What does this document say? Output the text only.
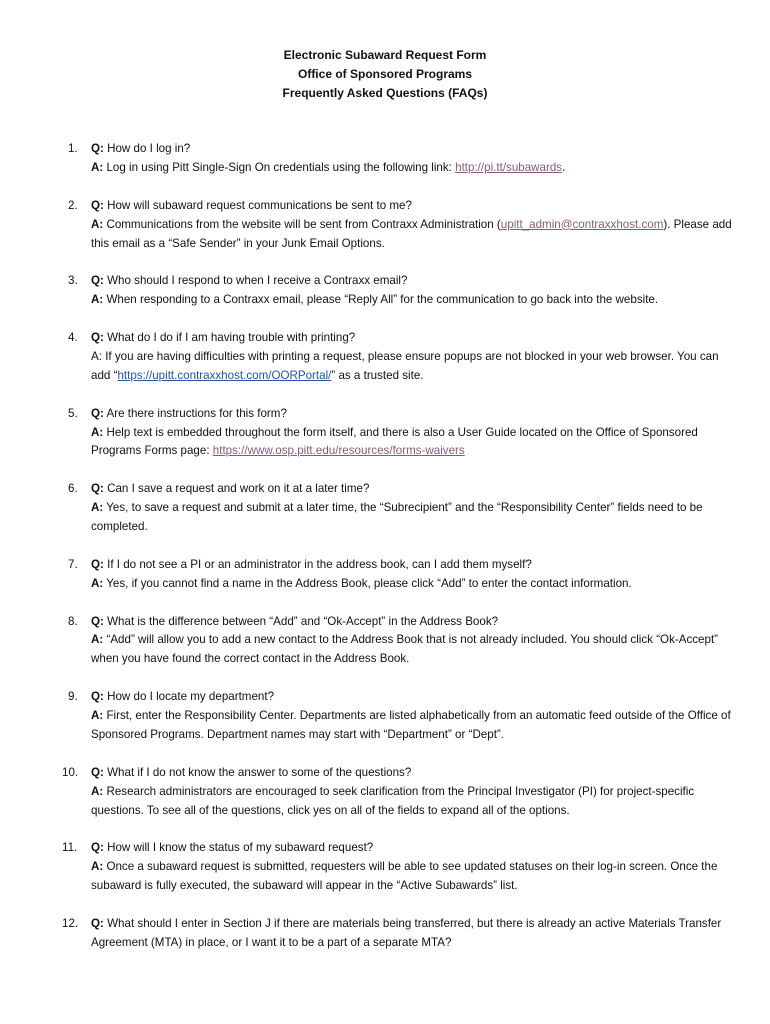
Electronic Subaward Request Form
Office of Sponsored Programs
Frequently Asked Questions (FAQs)
1. Q: How do I log in?
A: Log in using Pitt Single-Sign On credentials using the following link: http://pi.tt/subawards.
2. Q: How will subaward request communications be sent to me?
A: Communications from the website will be sent from Contraxx Administration (upitt_admin@contraxxhost.com). Please add this email as a “Safe Sender” in your Junk Email Options.
3. Q: Who should I respond to when I receive a Contraxx email?
A: When responding to a Contraxx email, please “Reply All” for the communication to go back into the website.
4. Q: What do I do if I am having trouble with printing?
A: If you are having difficulties with printing a request, please ensure popups are not blocked in your web browser. You can add “https://upitt.contraxxhost.com/OORPortal/” as a trusted site.
5. Q: Are there instructions for this form?
A: Help text is embedded throughout the form itself, and there is also a User Guide located on the Office of Sponsored Programs Forms page: https://www.osp.pitt.edu/resources/forms-waivers
6. Q: Can I save a request and work on it at a later time?
A: Yes, to save a request and submit at a later time, the “Subrecipient” and the “Responsibility Center” fields need to be completed.
7. Q: If I do not see a PI or an administrator in the address book, can I add them myself?
A: Yes, if you cannot find a name in the Address Book, please click “Add” to enter the contact information.
8. Q: What is the difference between “Add” and “Ok-Accept” in the Address Book?
A: “Add” will allow you to add a new contact to the Address Book that is not already included. You should click “Ok-Accept” when you have found the correct contact in the Address Book.
9. Q: How do I locate my department?
A: First, enter the Responsibility Center. Departments are listed alphabetically from an automatic feed outside of the Office of Sponsored Programs. Department names may start with “Department” or “Dept”.
10. Q: What if I do not know the answer to some of the questions?
A: Research administrators are encouraged to seek clarification from the Principal Investigator (PI) for project-specific questions. To see all of the questions, click yes on all of the fields to expand all of the options.
11. Q: How will I know the status of my subaward request?
A: Once a subaward request is submitted, requesters will be able to see updated statuses on their log-in screen. Once the subaward is fully executed, the subaward will appear in the “Active Subawards” list.
12. Q: What should I enter in Section J if there are materials being transferred, but there is already an active Materials Transfer Agreement (MTA) in place, or I want it to be a part of a separate MTA?
